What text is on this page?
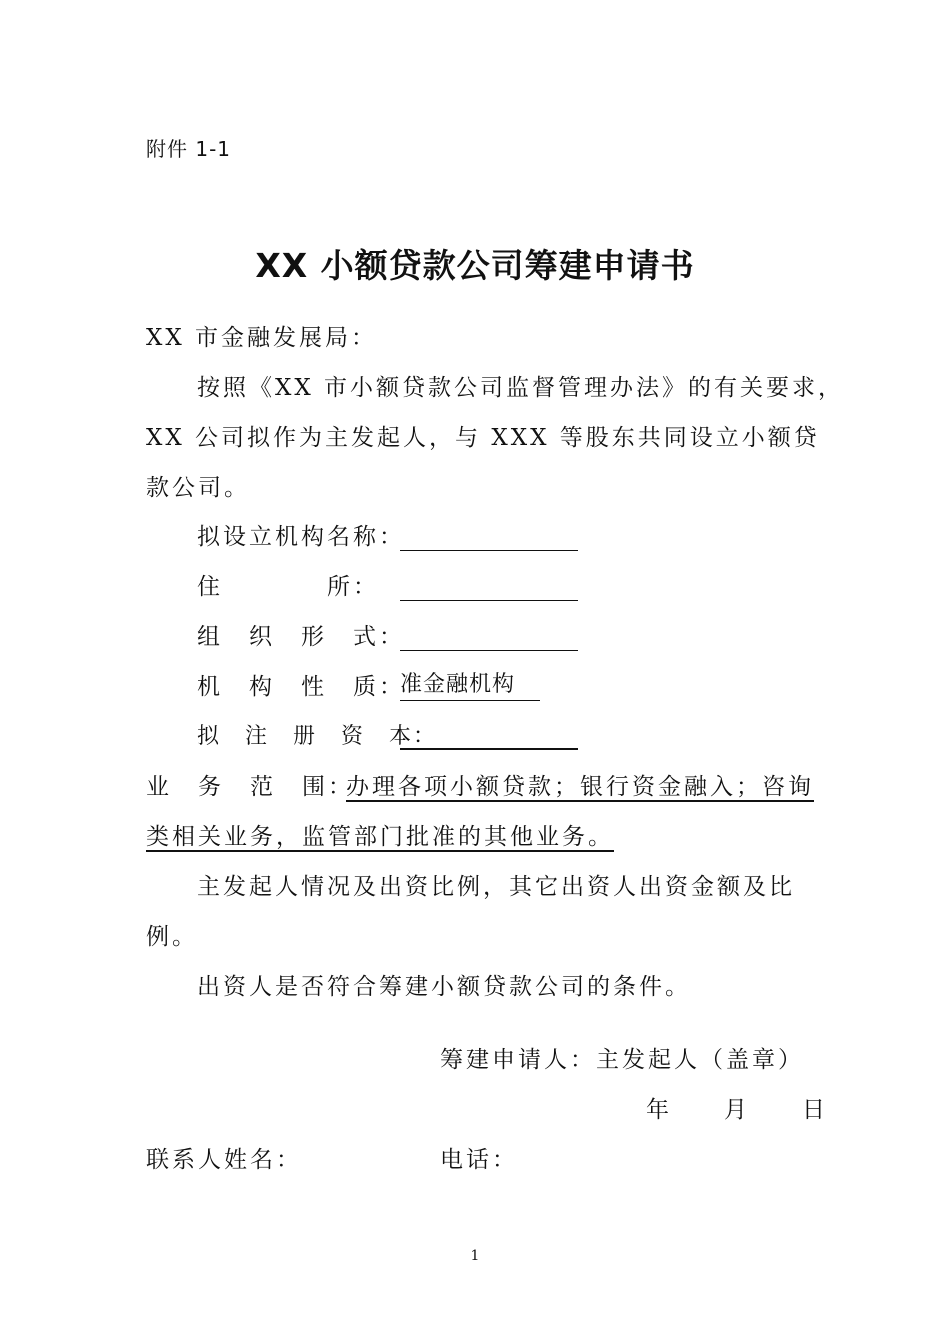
附件 1-1
XX 小额贷款公司筹建申请书
XX 市金融发展局：
按照《XX 市小额贷款公司监督管理办法》的有关要求，
XX 公司拟作为主发起人，与 XXX 等股东共同设立小额贷
款公司。
拟设立机构名称：
住　　　　所：
组　织　形　式：
机　构　性　质：
准金融机构
拟　注　册　资　本：
业　务　范　围：
办理各项小额贷款；银行资金融入；咨询
类相关业务，监管部门批准的其他业务。
主发起人情况及出资比例，其它出资人出资金额及比
例。
出资人是否符合筹建小额贷款公司的条件。
筹建申请人：主发起人（盖章）
年　　月　　日
联系人姓名：	电话：
1
